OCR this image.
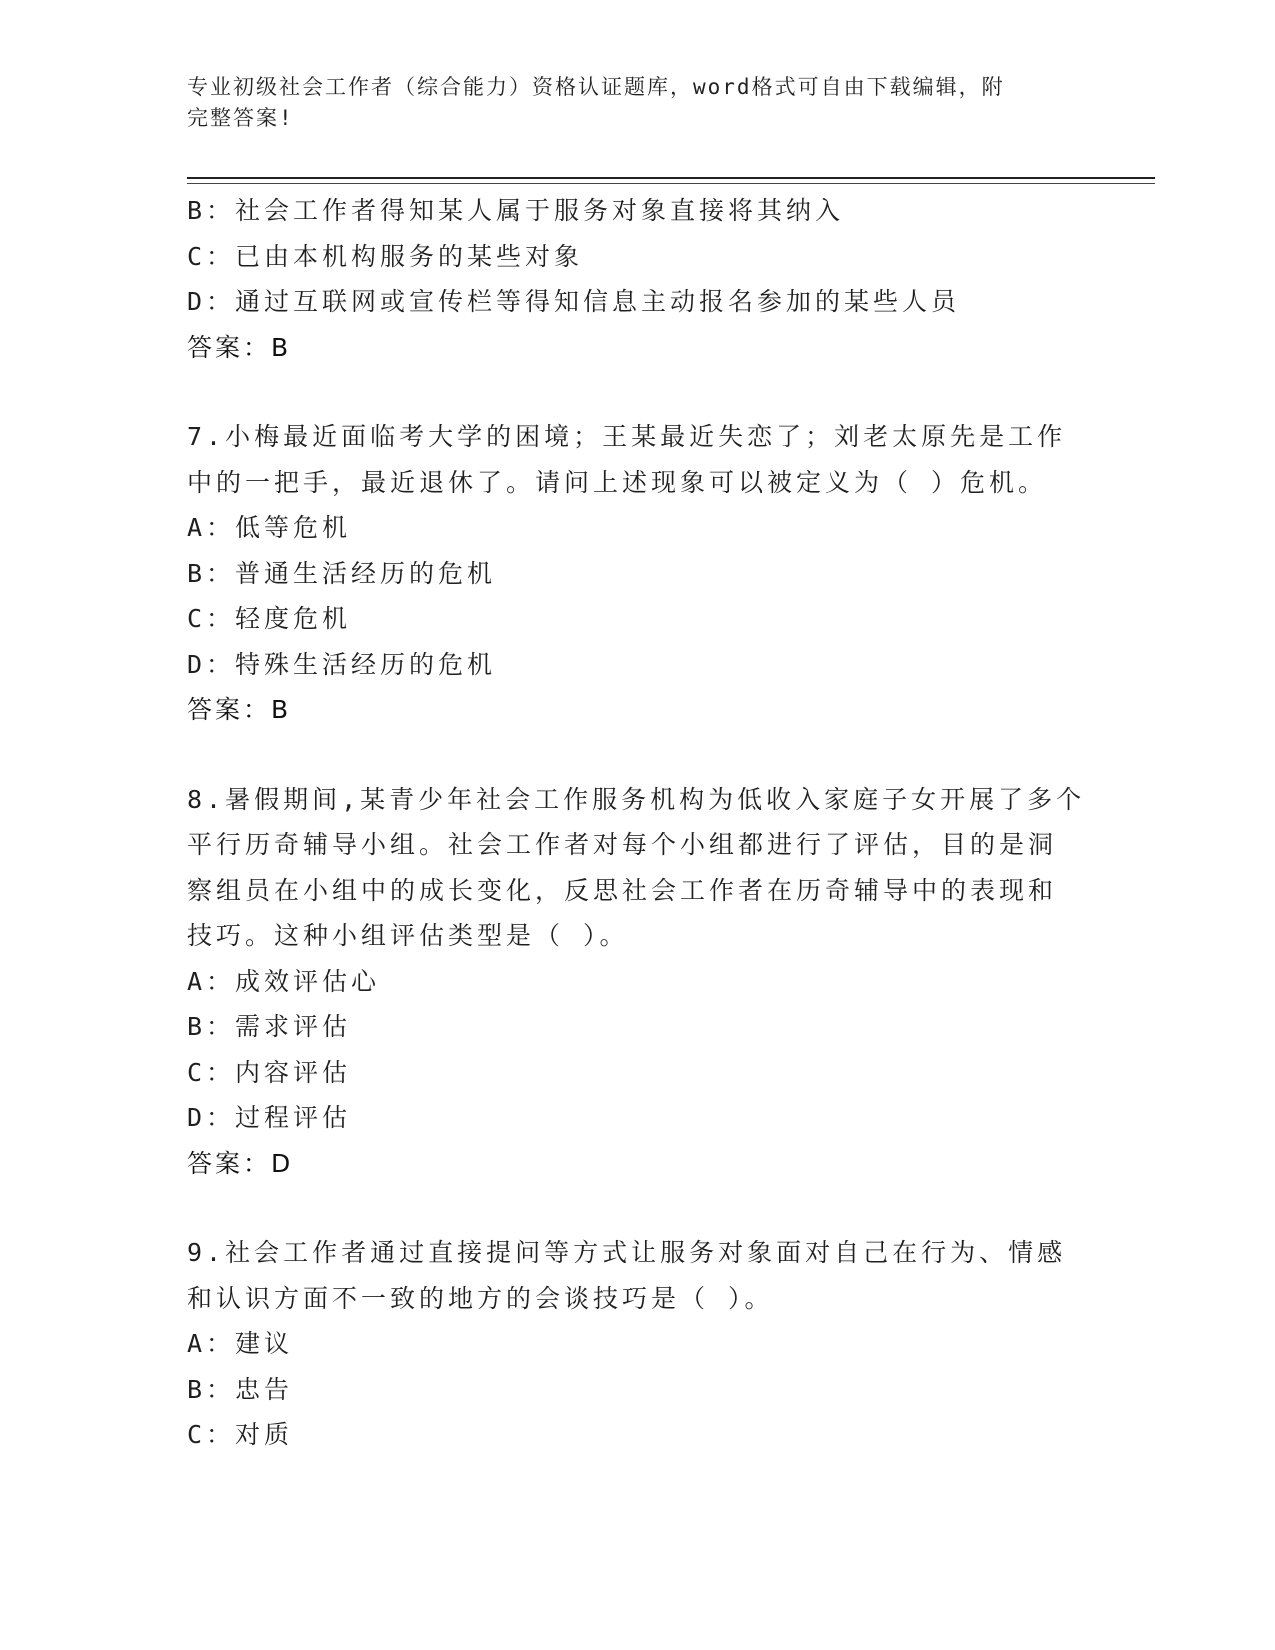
专业初级社会工作者（综合能力）资格认证题库，word格式可自由下载编辑，附
完整答案!
B：社会工作者得知某人属于服务对象直接将其纳入
C：已由本机构服务的某些对象
D：通过互联网或宣传栏等得知信息主动报名参加的某些人员
答案：B
7.小梅最近面临考大学的困境；王某最近失恋了；刘老太原先是工作
中的一把手，最近退休了。请问上述现象可以被定义为（ ）危机。
A：低等危机
B：普通生活经历的危机
C：轻度危机
D：特殊生活经历的危机
答案：B
8.暑假期间,某青少年社会工作服务机构为低收入家庭子女开展了多个
平行历奇辅导小组。社会工作者对每个小组都进行了评估，目的是洞
察组员在小组中的成长变化，反思社会工作者在历奇辅导中的表现和
技巧。这种小组评估类型是（ ）。
A：成效评估心
B：需求评估
C：内容评估
D：过程评估
答案：D
9.社会工作者通过直接提问等方式让服务对象面对自己在行为、情感
和认识方面不一致的地方的会谈技巧是（ ）。
A：建议
B：忠告
C：对质
